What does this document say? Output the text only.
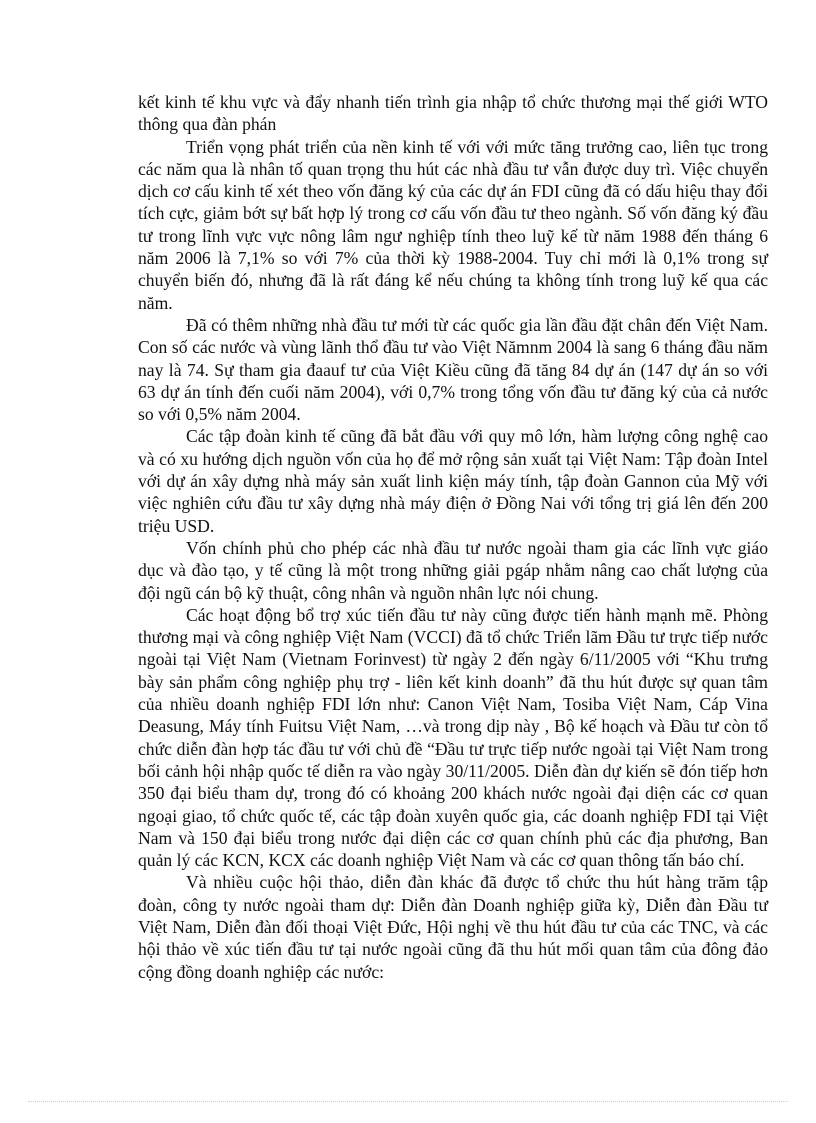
kết kinh tế khu vực và đẩy nhanh tiến trình gia nhập tổ chức thương mại thế giới WTO thông qua đàn phán

Triển vọng phát triển của nền kinh tế với với mức tăng trưởng cao, liên tục trong các năm qua là nhân tố quan trọng thu hút các nhà đầu tư vẫn được duy trì. Việc chuyển dịch cơ cấu kinh tế xét theo vốn đăng ký của các dự án FDI cũng đã có dấu hiệu thay đổi tích cực, giảm bớt sự bất hợp lý trong cơ cấu vốn đầu tư theo ngành. Số vốn đăng ký đầu tư trong lĩnh vực vực nông lâm ngư nghiệp tính theo luỹ kế từ năm 1988 đến tháng 6 năm 2006 là 7,1% so với 7% của thời kỳ 1988-2004. Tuy chỉ mới là 0,1% trong sự chuyển biến đó, nhưng đã là rất đáng kể nếu chúng ta không tính trong luỹ kế qua các năm.

Đã có thêm những nhà đầu tư mới từ các quốc gia lần đầu đặt chân đến Việt Nam. Con số các nước và vùng lãnh thổ đầu tư vào Việt Nămnm 2004 là sang 6 tháng đầu năm nay là 74. Sự tham gia đaauf tư của Việt Kiều cũng đã tăng 84 dự án (147 dự án so với 63 dự án tính đến cuối năm 2004), với 0,7% trong tổng vốn đầu tư đăng ký của cả nước so với 0,5% năm 2004.

Các tập đoàn kinh tế cũng đã bắt đầu với quy mô lớn, hàm lượng công nghệ cao và có xu hướng dịch nguồn vốn của họ để mở rộng sản xuất tại Việt Nam: Tập đoàn Intel với dự án xây dựng nhà máy sản xuất linh kiện máy tính, tập đoàn Gannon của Mỹ với việc nghiên cứu đầu tư xây dựng nhà máy điện ở Đồng Nai với tổng trị giá lên đến 200 triệu USD.

Vốn chính phủ cho phép các nhà đầu tư nước ngoài tham gia các lĩnh vực giáo dục và đào tạo, y tế cũng là một trong những giải pgáp nhằm nâng cao chất lượng của đội ngũ cán bộ kỹ thuật, công nhân và nguồn nhân lực nói chung.

Các hoạt động bổ trợ xúc tiến đầu tư này cũng được tiến hành mạnh mẽ. Phòng thương mại và công nghiệp Việt Nam (VCCI) đã tổ chức Triển lãm Đầu tư trực tiếp nước ngoài tại Việt Nam (Vietnam Forinvest) từ ngày 2 đến ngày 6/11/2005 với “Khu trưng bày sản phẩm công nghiệp phụ trợ - liên kết kinh doanh” đã thu hút được sự quan tâm của nhiều doanh nghiệp FDI lớn như: Canon Việt Nam, Tosiba Việt Nam, Cáp Vina Deasung, Máy tính Fuitsu Việt Nam, …và trong dịp này , Bộ kế hoạch và Đầu tư còn tổ chức diễn đàn hợp tác đầu tư với chủ đề “Đầu tư trực tiếp nước ngoài tại Việt Nam trong bối cảnh hội nhập quốc tế diễn ra vào ngày 30/11/2005. Diễn đàn dự kiến sẽ đón tiếp hơn 350 đại biểu tham dự, trong đó có khoảng 200 khách nước ngoài đại diện các cơ quan ngoại giao, tổ chức quốc tế, các tập đoàn xuyên quốc gia, các doanh nghiệp FDI tại Việt Nam và 150 đại biểu trong nước đại diện các cơ quan chính phủ các địa phương, Ban quản lý các KCN, KCX các doanh nghiệp Việt Nam và các cơ quan thông tấn báo chí.

Và nhiều cuộc hội thảo, diễn đàn khác đã được tổ chức thu hút hàng trăm tập đoàn, công ty nước ngoài tham dự: Diễn đàn Doanh nghiệp giữa kỳ, Diễn đàn Đầu tư Việt Nam, Diễn đàn đối thoại Việt Đức, Hội nghị về thu hút đầu tư của các TNC, và các hội thảo về xúc tiến đầu tư tại nước ngoài cũng đã thu hút mối quan tâm của đông đảo cộng đồng doanh nghiệp các nước:
